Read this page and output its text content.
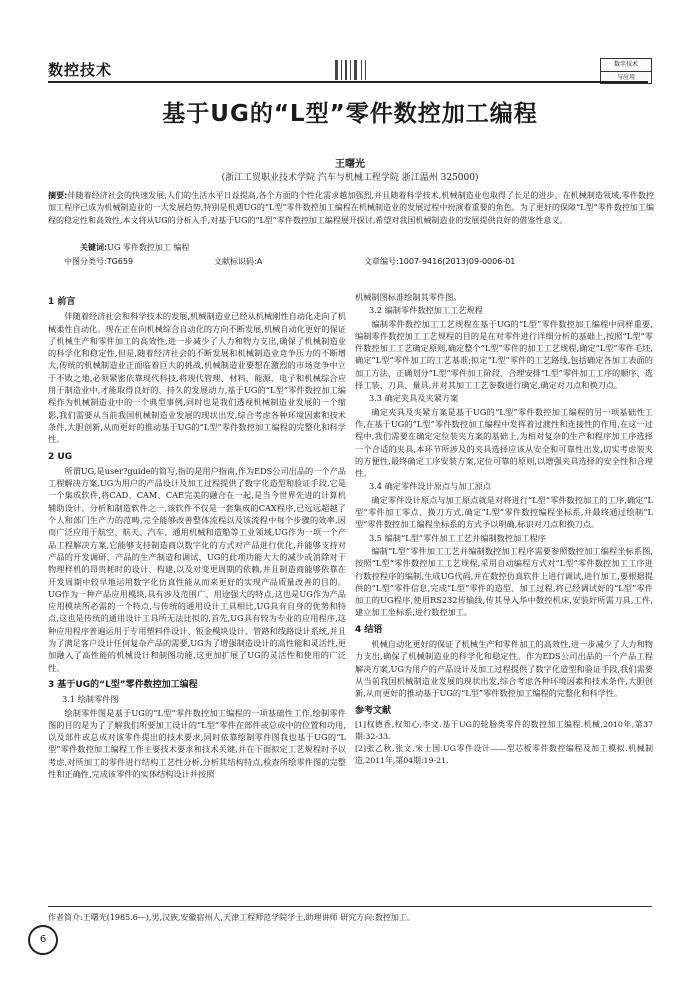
数控技术	数字技术
与应用
基于UG的“L型”零件数控加工编程
王曙光
(浙江工贸职业技术学院 汽车与机械工程学院 浙江温州 325000)
摘要:伴随着经济社会的快速发展,人们的生活水平日益提高,各个方面的个性化需求越加强烈,并且随着科学技术,机械制造业也取得了长足的进步。在机械制造领域,零件数控加工程序已成为机械制造业的一大发展趋势,特别是机遇UG的“L型”零件数控加工编程在机械制造业的发展过程中扮演着重要的角色。为了更好的保障“L型”零件数控加工编程的稳定性和高效性,本文将从UG的分析入手,对基于UG的“L型”零件数控加工编程展开探讨,希望对我国机械制造业的发展提供良好的借鉴性意义。
关键词:UG 零件数控加工 编程
中图分类号:TG659	文献标识码:A	文章编号:1007-9416(2013)09-0006-01
1 前言

伴随着经济社会和科学技术的发展,机械制造业已经从机械刚性自动化走向了机械柔性自动化。现在正在向机械综合自动化的方向不断发展,机械自动化更好的保证了机械生产和零件加工的高效性,进一步减少了人力和物力支出,确保了机械制造业的科学化和稳定性,但是,随着经济社会的不断发展和机械制造业竞争压力的不断增大,传统的机械制造业正面临着巨大的挑战,机械制造业要想在激烈的市场竞争中立于不败之地,必须紧密依靠现代科技,将现代管理、材料、能源、电子和机械综合应用于制造业中,才能取得良好的、持久的发展动力,基于UG的“L型”零件数控加工编程作为机械制造业中的一个典型事例,同时也是我们透视机械制造业发展的一个缩影,我们需要从当前我国机械制造业发展的现状出发,综合考虑各种环境因素和技术条件,大胆创新,从而更好的推动基于UG的“L型”零件数控加工编程的完整化和科学性。

2 UG

所谓UG,是user?guide的简写,指的是用户指南,作为EDS公司出品的一个产品工程解决方案,UG为用户的产品设计及加工过程提供了数字化造型和验证手段,它是一个集成软件,将CAD、CAM、CAE完美的融合在一起,是当今世界先进的计算机辅助设计、分析和制造软件之一,该软件不仅是一套集成的CAX程序,已远远超越了个人和部门生产力的范畴,完全能够改善整体流程以及该流程中每个步骤的效率,因而广泛应用于航空、航天、汽车、通用机械和造船等工业领域,UG作为一项一个产品工程解决方案,它能够支持制造商以数字化的方式对产品进行优化,并能够支持对产品的开发调研、产品的生产制造和调试、UG的此项功能大大的减少或消除对于物理样机的昂贵耗时的设计、构建,以及对变更周期的依赖,并且制造商能够依靠在开发周期中较早地运用数字化仿真性能从而来更好的实现产品质量改善的目的。UG作为一种产品应用模块,具有涉及范围广、用途强大的特点,这也是UG作为产品应用模块所必需的一个特点,与传统的通用设计工具相比,UG具有自身的优势和特点,这也是传统的通用设计工具所无法比拟的,首先,UG具有较为专业的应用程序,这种应用程序普遍运用于专用塑料件设计、钣金模块设计、管路和线路设计系统,并且为了满足客户设计任何复杂产品的需要,UG为了增强制造设计的高性能和灵活性,更加融入了高性能的机械设计和制图功能,这更加扩展了UG的灵活性和使用的广泛性。

3 基于UG的“L型”零件数控加工编程
3.1 绘制零件图

绘制零件图是基于UG的“L型”零件数控加工编程的一项基础性工作,绘制零件图的目的是为了了解我们所要加工设计的“L型”零件在部件或总成中的位置和功用,以及部件或总成对该零件提出的技术要求,同时依靠绘制零件图我也基于UG的“L型”零件数控加工编程工作主要技术要求和技术关键,并在下面拟定工艺规程时予以考虑,对所加工的零件进行结构工艺性分析,分析其结构特点,检查所绘零件图的完整性和正确性,完成该零件的实体结构设计并按照

机械制图标准绘制其零件图。

3.2 编制零件数控加工工艺规程

编制零件数控加工工艺规程在基于UG的“L型”零件数控加工编程中同样重要,编制零件数控加工工艺规程的目的是在对零件进行详细分析的基础上,按照“L型”零件数控加工工艺确定原则,确定整个“L型”零件的加工工艺规程,确定“L型”零件毛坯,确定“L型”零件加工的工艺基准;拟定“L型”零件的工艺路线,包括确定各加工表面的加工方法、正确划分“L型”零件加工阶段、合理安排“L型”零件加工工序的顺序、选择工装、刀具、量具,并对其加工工艺参数进行确定,确定对刀点和换刀点。

3.3 确定夹具及夹紧方案

确定夹具及夹紧方案是基于UG的“L型”零件数控加工编程的另一项基础性工作,在基于UG的“L型”零件数控加工编程中发挥着过渡性和连接性的作用,在这一过程中,我们需要在确定定位装夹方案的基础上,为相对复杂的生产和程序加工序选择一个合适的夹具,本环节所涉及的夹具选择应该从安全和可靠性出发,切实考虑装夹的方便性,最终确定工序安装方案,定位可靠的原则,以增强夹具选择的安全性和合理性。

3.4 确定零件设计原点与加工原点

确定零件设计原点与加工原点就是对将进行“L型”零件数控加工的工序,确定“L型”零件加工零点、换刀方式,确定“L型”零件数控编程坐标系,并最终通过绘制“L型”零件数控加工编程坐标系的方式予以明确,标识对刀点和换刀点。

3.5 编制“L型”零件加工工艺并编制数控加工程序

编制“L型”零件加工工艺并编制数控加工程序需要参照数控加工编程坐标系图,按照“L型”零件数控加工工艺规程,采用自动编程方式对“L型”零件数控加工工序进行数控程序的编制,生成UG代码,并在数控仿真软件上进行调试,进行加工,要根据提供的“L型”零件信息,完成“L型”零件的造型、加工过程,将已经调试好的“L型”零件加工的UG程序,使用RS232传输线,传其导入华中数控机床,安装好所需刀具,工件,建立加工坐标系,进行数控加工。

4 结语

机械自动化更好的保证了机械生产和零件加工的高效性,进一步减少了人力和物力支出,确保了机械制造业的科学化和稳定性。作为EDS公司出品的一个产品工程解决方案,UG为用户的产品设计及加工过程提供了数字化造型和验证手段,我们需要从当前我国机械制造业发展的现状出发,综合考虑各种环境因素和技术条件,大胆创新,从而更好的推动基于UG的“L型”零件数控加工编程的完整化和科学性。

参考文献

[1]权德香,权知心,李文.基于UG的轮胎类零件的数控加工编程.机械,2010年,第37期:32-33.

[2]张乙秋,张文,宋士国.UG零件设计——型芯板零件数控编程及加工模拟.机械制造,2011年,第04期:19-21.

作者简介:王曙光(1985.6—),男,汉族,安徽宿州人,天津工程师范学院学士,助理讲师 研究方向:数控加工。
6
